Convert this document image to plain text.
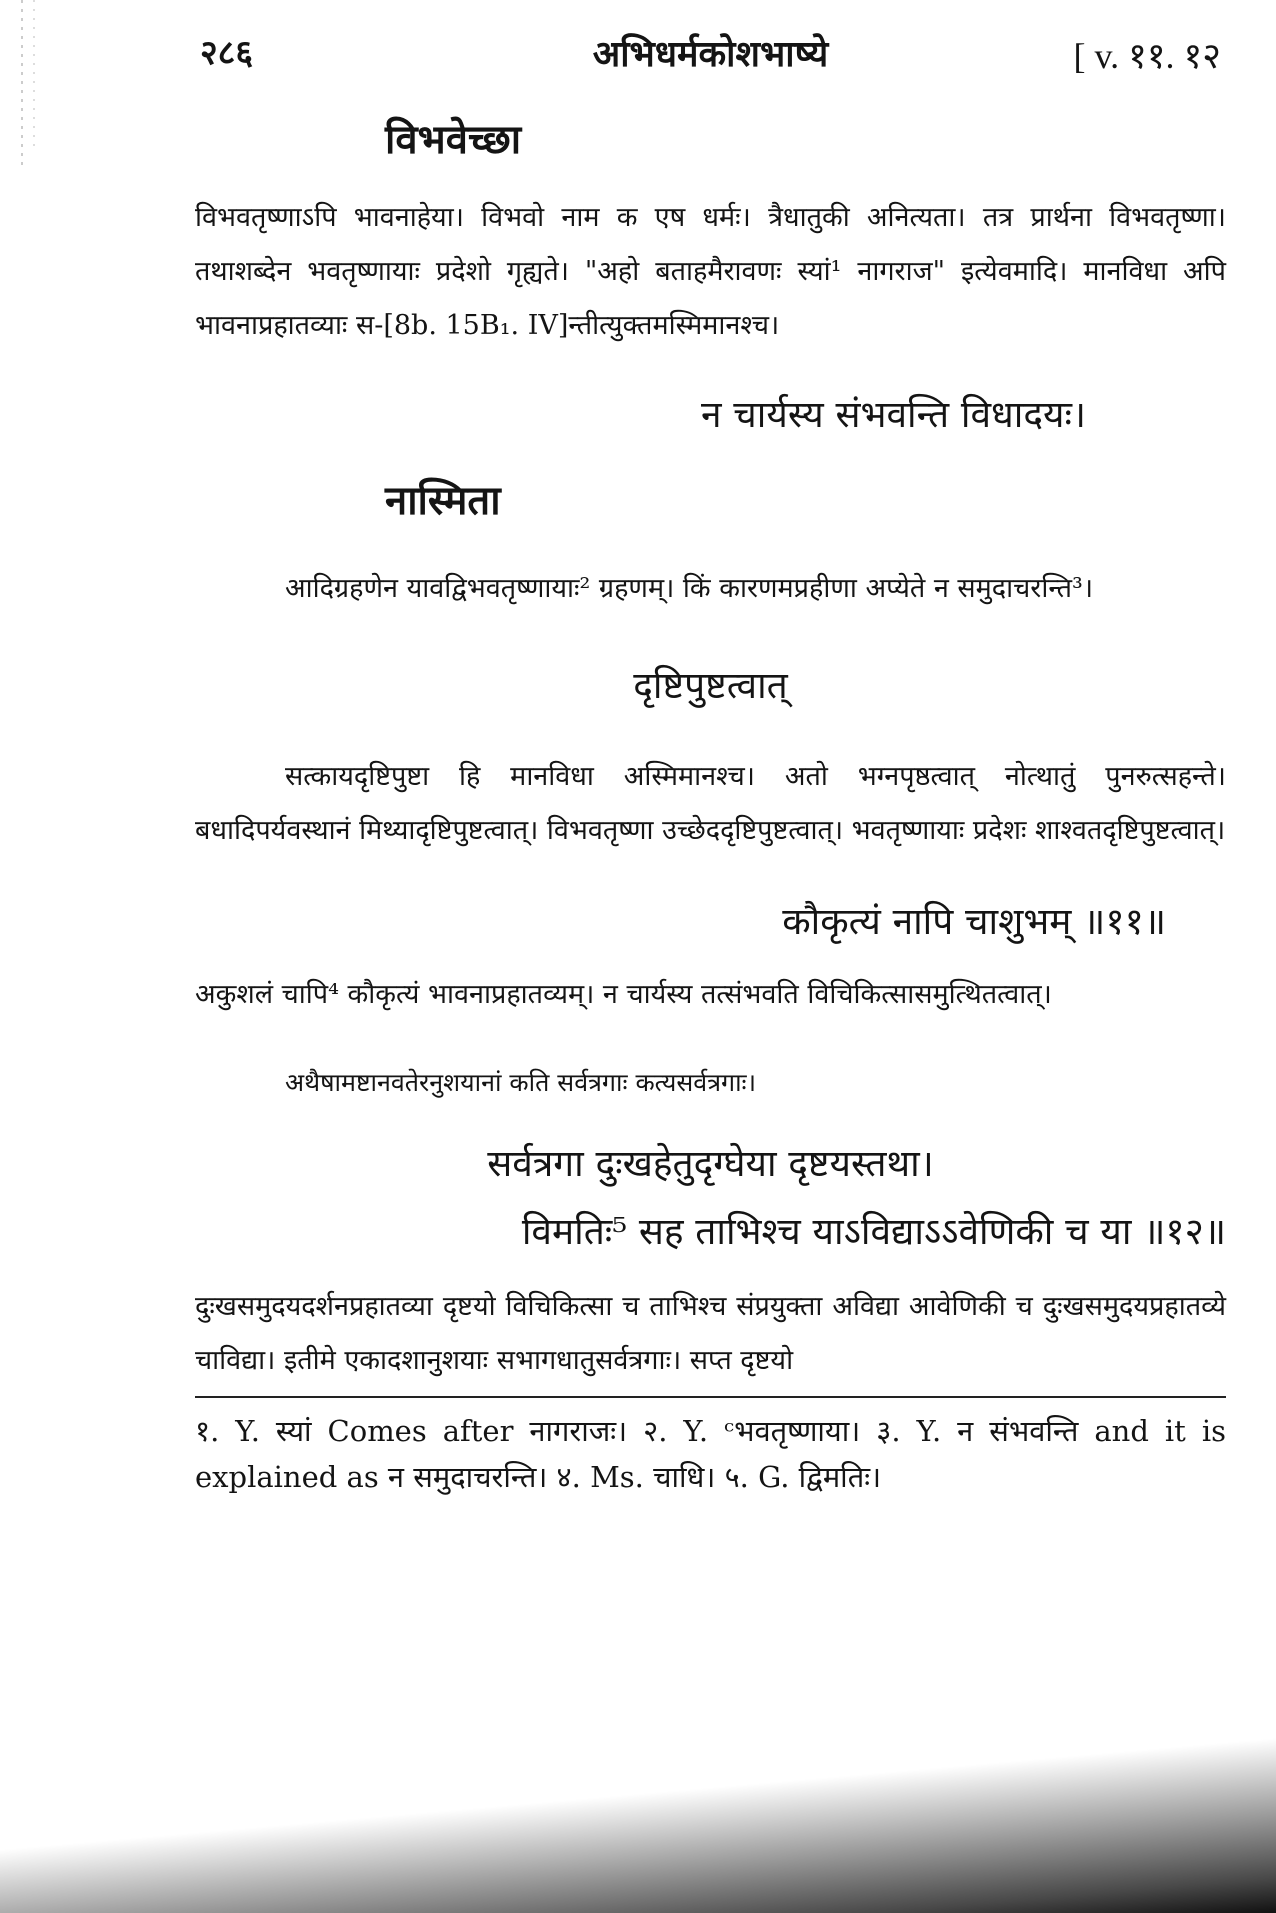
२८६	अभिधर्मकोशभाष्ये	[ v. ११. १२

विभवेच्छा

विभवतृष्णाऽपि भावनाहेया। विभवो नाम क एष धर्मः। त्रैधातुकी अनित्यता। तत्र प्रार्थना विभवतृष्णा। तथाशब्देन भवतृष्णायाः प्रदेशो गृह्यते। "अहो बताहमैरावणः स्यां¹ नागराज" इत्येवमादि। मानविधा अपि भावनाप्रहातव्याः स-[8b. 15B₁. IV]न्तीत्युक्तमस्मिमानश्च।

न चार्यस्य संभवन्ति विधादयः।

नास्मिता

आदिग्रहणेन यावद्विभवतृष्णायाः² ग्रहणम्। किं कारणमप्रहीणा अप्येते न समुदाचरन्ति³।

दृष्टिपुष्टत्वात्

सत्कायदृष्टिपुष्टा हि मानविधा अस्मिमानश्च। अतो भग्नपृष्ठत्वात् नोत्थातुं पुनरुत्सहन्ते। बधादिपर्यवस्थानं मिथ्यादृष्टिपुष्टत्वात्। विभवतृष्णा उच्छेददृष्टिपुष्टत्वात्। भवतृष्णायाः प्रदेशः शाश्वतदृष्टिपुष्टत्वात्।

कौकृत्यं नापि चाशुभम् ॥११॥

अकुशलं चापि⁴ कौकृत्यं भावनाप्रहातव्यम्। न चार्यस्य तत्संभवति विचिकित्सासमुत्थितत्वात्।

अथैषामष्टानवतेरनुशयानां कति सर्वत्रगाः कत्यसर्वत्रगाः।

सर्वत्रगा दुःखहेतुदृग्घेया दृष्टयस्तथा।

विमतिः⁵ सह ताभिश्च याऽविद्याऽऽवेणिकी च या ॥१२॥

दुःखसमुदयदर्शनप्रहातव्या दृष्टयो विचिकित्सा च ताभिश्च संप्रयुक्ता अविद्या आवेणिकी च दुःखसमुदयप्रहातव्ये चाविद्या। इतीमे एकादशानुशयाः सभागधातुसर्वत्रगाः। सप्त दृष्टयो

१. Y. स्यां Comes after नागराजः। २. Y. ᶜभवतृष्णाया। ३. Y. न संभवन्ति and it is explained as न समुदाचरन्ति। ४. Ms. चाधि। ५. G. द्विमतिः।
